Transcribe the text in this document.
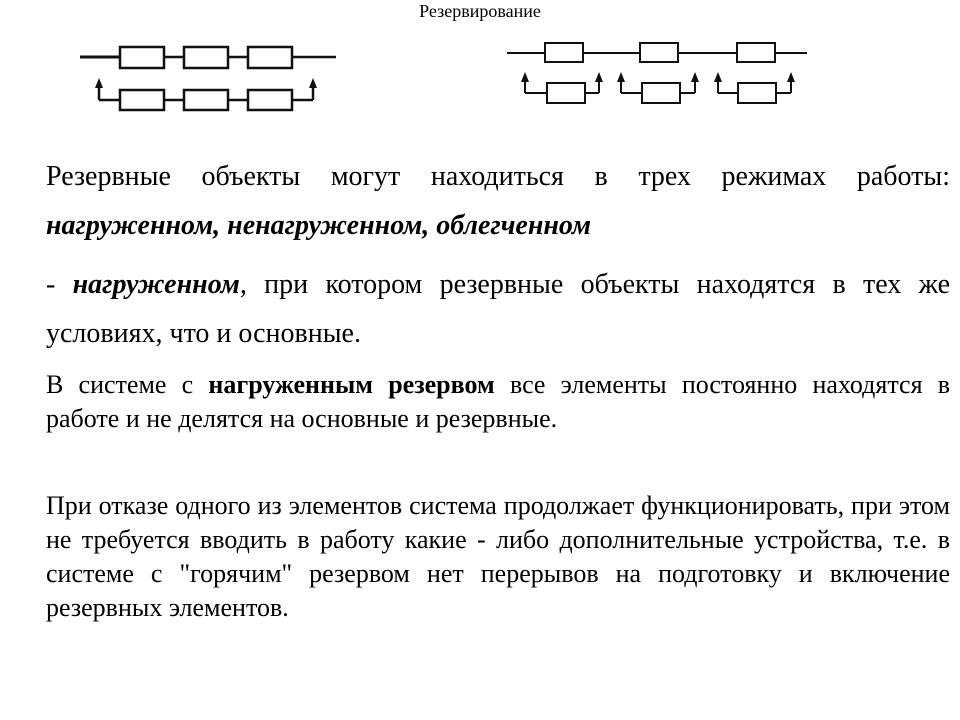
Резервирование
Резервные объекты могут находиться в трех режимах работы: нагруженном, ненагруженном, облегченном
- нагруженном, при котором резервные объекты находятся в тех же условиях, что и основные.
В системе с нагруженным резервом все элементы постоянно находятся в работе и не делятся на основные и резервные.
При отказе одного из элементов система продолжает функционировать, при этом не требуется вводить в работу какие - либо дополнительные устройства, т.е. в системе с "горячим" резервом нет перерывов на подготовку и включение резервных элементов.
